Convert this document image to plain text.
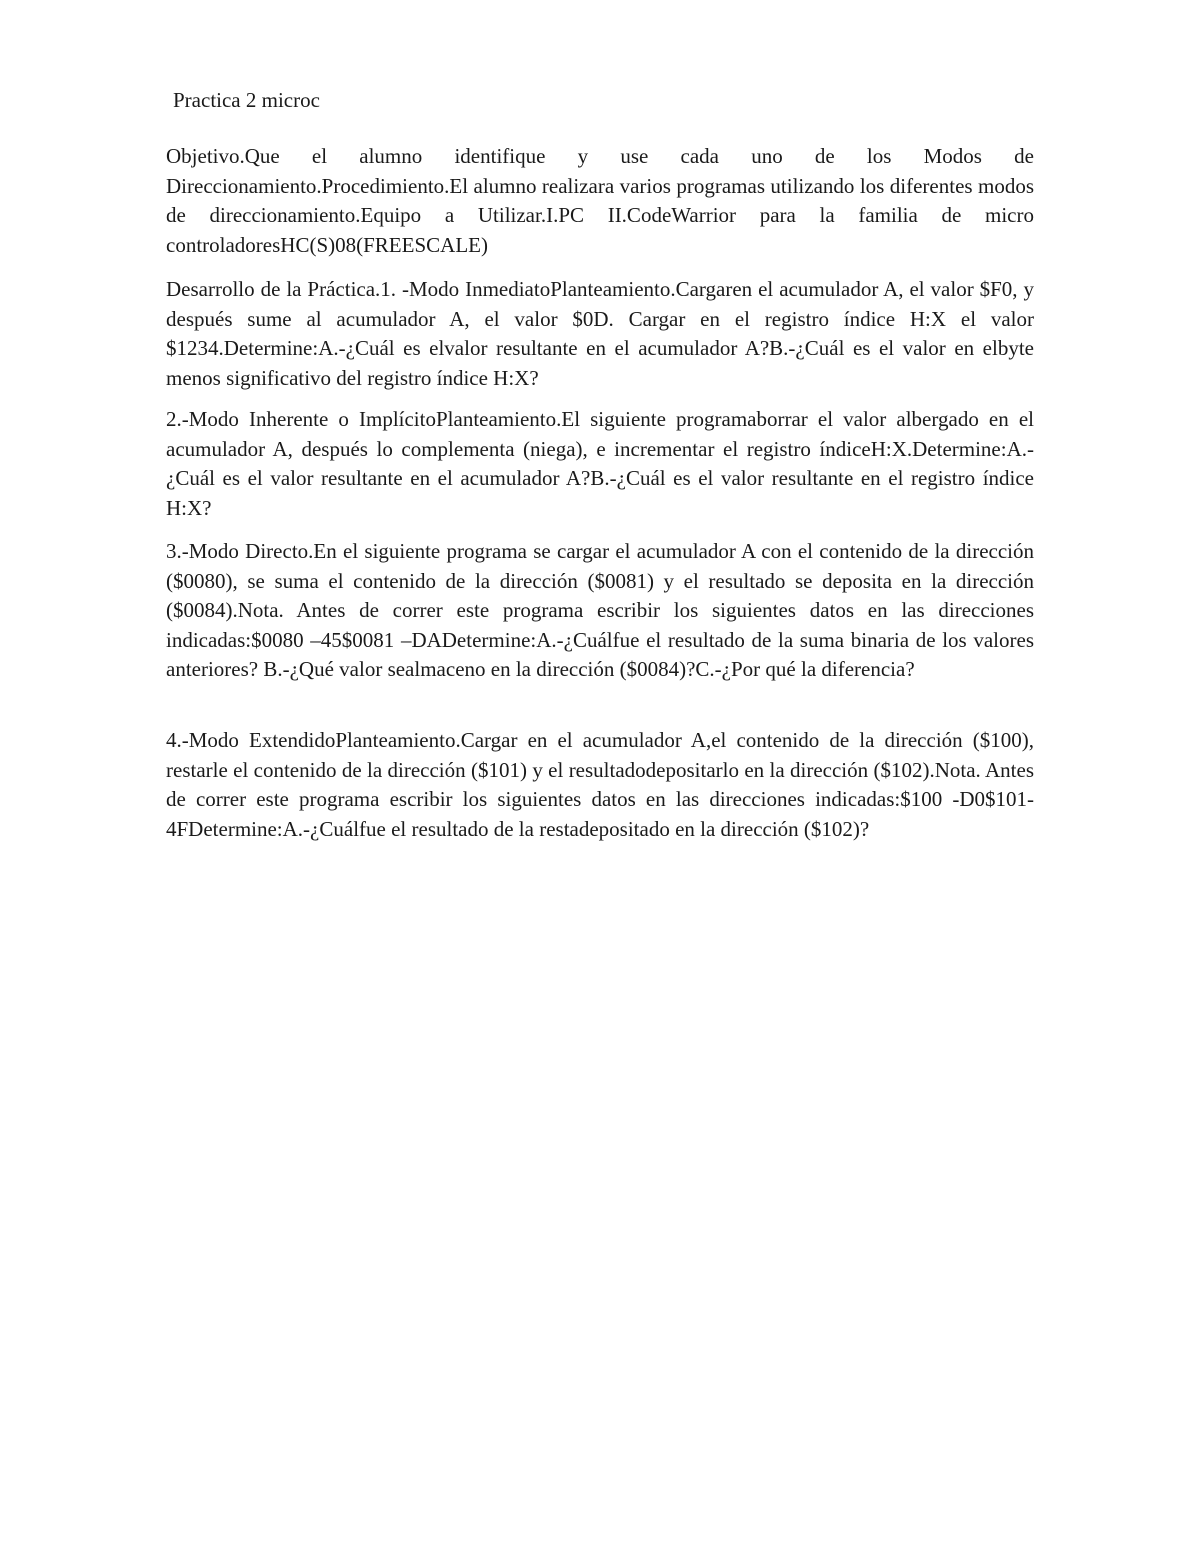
Practica 2 microc

Objetivo.Que el alumno identifique y use cada uno de los Modos de Direccionamiento.Procedimiento.El alumno realizara varios programas utilizando los diferentes modos de direccionamiento.Equipo a Utilizar.I.PC II.CodeWarrior para la familia de micro controladoresHC(S)08(FREESCALE)

Desarrollo de la Práctica.1. -Modo InmediatoPlanteamiento.Cargaren el acumulador A, el valor $F0, y después sume al acumulador A, el valor $0D. Cargar en el registro índice H:X el valor $1234.Determine:A.-¿Cuál es elvalor resultante en el acumulador A?B.-¿Cuál es el valor en elbyte menos significativo del registro índice H:X?

2.-Modo Inherente o ImplícitoPlanteamiento.El siguiente programaborrar el valor albergado en el acumulador A, después lo complementa (niega), e incrementar el registro índiceH:X.Determine:A.-¿Cuál es el valor resultante en el acumulador A?B.-¿Cuál es el valor resultante en el registro índice H:X?

3.-Modo Directo.En el siguiente programa se cargar el acumulador A con el contenido de la dirección ($0080), se suma el contenido de la dirección ($0081) y el resultado se deposita en la dirección ($0084).Nota. Antes de correr este programa escribir los siguientes datos en las direcciones indicadas:$0080 –45$0081 –DADetermine:A.-¿Cuálfue el resultado de la suma binaria de los valores anteriores? B.-¿Qué valor sealmaceno en la dirección ($0084)?C.-¿Por qué la diferencia?

4.-Modo ExtendidoPlanteamiento.Cargar en el acumulador A,el contenido de la dirección ($100), restarle el contenido de la dirección ($101) y el resultadodepositarlo en la dirección ($102).Nota. Antes de correr este programa escribir los siguientes datos en las direcciones indicadas:$100 -D0$101-4FDetermine:A.-¿Cuálfue el resultado de la restadepositado en la dirección ($102)?
